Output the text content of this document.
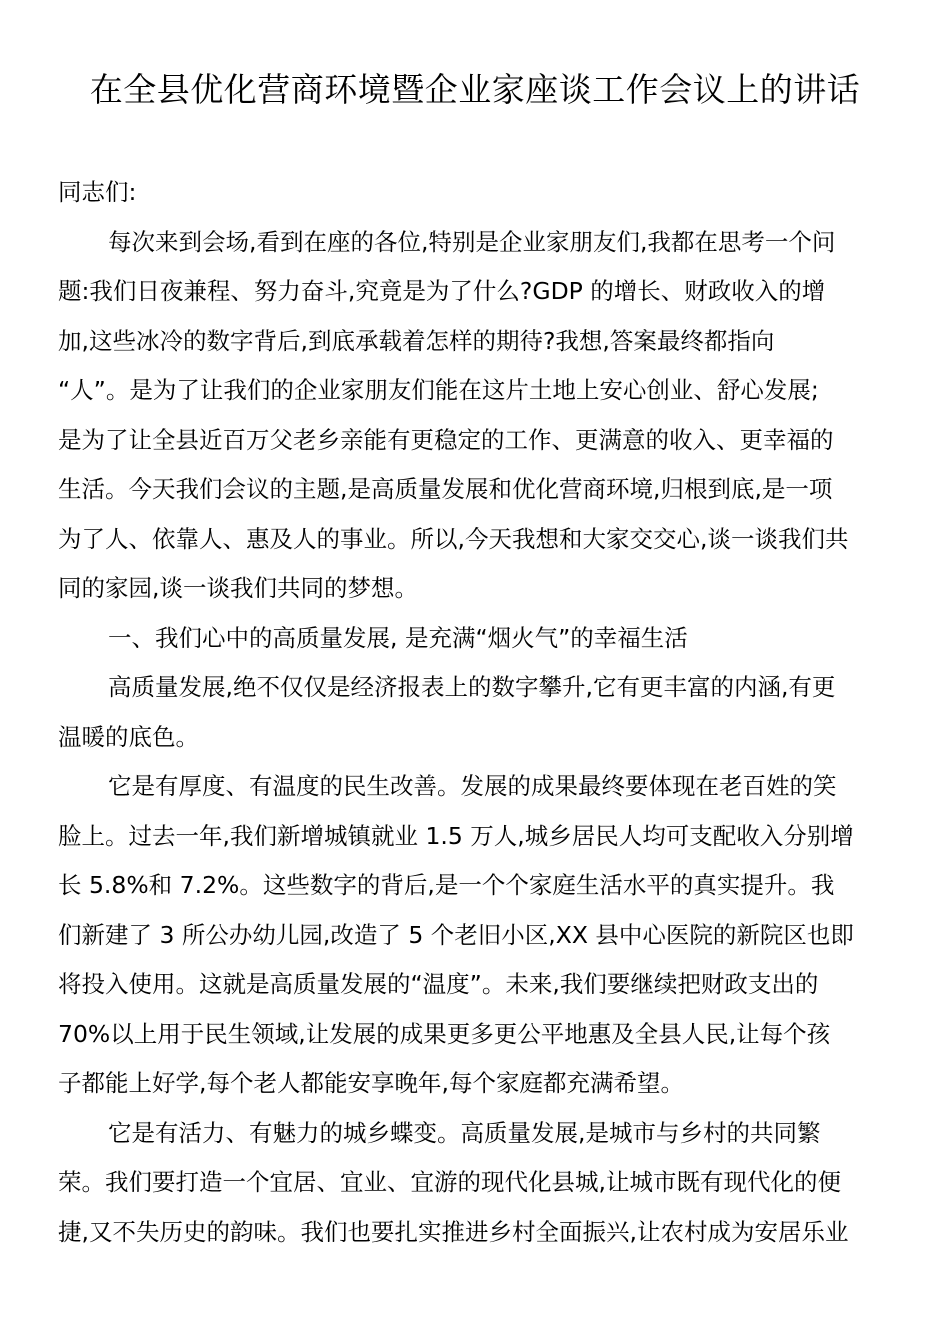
在全县优化营商环境暨企业家座谈工作会议上的讲话
同志们:
每次来到会场,看到在座的各位,特别是企业家朋友们,我都在思考一个问
题:我们日夜兼程、努力奋斗,究竟是为了什么?GDP 的增长、财政收入的增
加,这些冰冷的数字背后,到底承载着怎样的期待?我想,答案最终都指向
“人”。是为了让我们的企业家朋友们能在这片土地上安心创业、舒心发展;
是为了让全县近百万父老乡亲能有更稳定的工作、更满意的收入、更幸福的
生活。今天我们会议的主题,是高质量发展和优化营商环境,归根到底,是一项
为了人、依靠人、惠及人的事业。所以,今天我想和大家交交心,谈一谈我们共
同的家园,谈一谈我们共同的梦想。
一、我们心中的高质量发展, 是充满“烟火气”的幸福生活
高质量发展,绝不仅仅是经济报表上的数字攀升,它有更丰富的内涵,有更
温暖的底色。
它是有厚度、有温度的民生改善。发展的成果最终要体现在老百姓的笑
脸上。过去一年,我们新增城镇就业 1.5 万人,城乡居民人均可支配收入分别增
长 5.8%和 7.2%。这些数字的背后,是一个个家庭生活水平的真实提升。我
们新建了 3 所公办幼儿园,改造了 5 个老旧小区,XX 县中心医院的新院区也即
将投入使用。这就是高质量发展的“温度”。未来,我们要继续把财政支出的
70%以上用于民生领域,让发展的成果更多更公平地惠及全县人民,让每个孩
子都能上好学,每个老人都能安享晚年,每个家庭都充满希望。
它是有活力、有魅力的城乡蝶变。高质量发展,是城市与乡村的共同繁
荣。我们要打造一个宜居、宜业、宜游的现代化县城,让城市既有现代化的便
捷,又不失历史的韵味。我们也要扎实推进乡村全面振兴,让农村成为安居乐业
